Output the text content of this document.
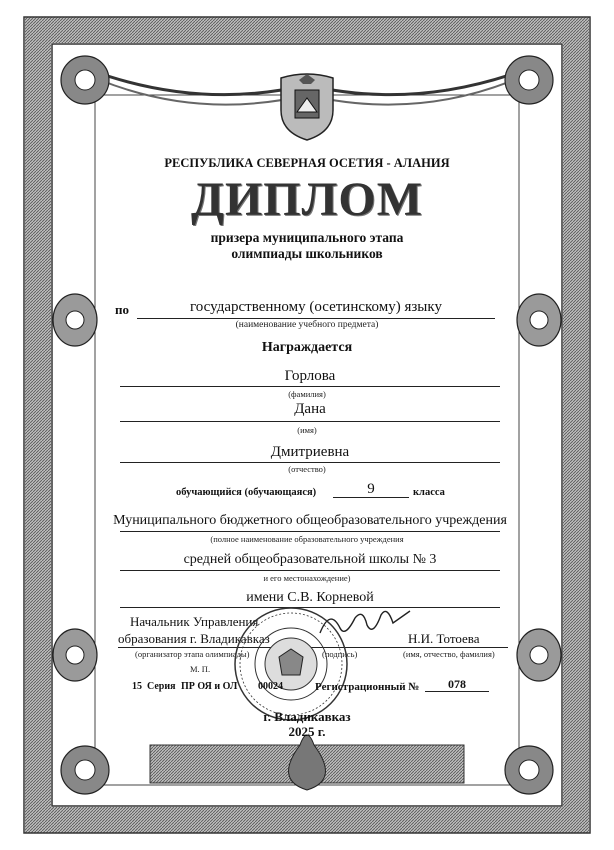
РЕСПУБЛИКА СЕВЕРНАЯ ОСЕТИЯ - АЛАНИЯ
ДИПЛОМ
призера муниципального этапа
олимпиады школьников
по	государственному (осетинскому) языку
(наименование учебного предмета)
Награждается
Горлова
(фамилия)
Дана
(имя)
Дмитриевна
(отчество)
обучающийся (обучающаяся)	9	класса
Муниципального бюджетного общеобразовательного учреждения
(полное наименование образовательного учреждения
средней общеобразовательной школы № 3
и его местонахождение)
имени С.В. Корневой
Начальник Управления
образования г. Владикавказ
(организатор этапа олимпиады)	(подпись)
Н.И. Тотоева
(имя, отчество, фамилия)
М. П.
15 Серия ПР ОЯ и ОЛ 00024	Регистрационный №	078
г. Владикавказ
2025 г.
